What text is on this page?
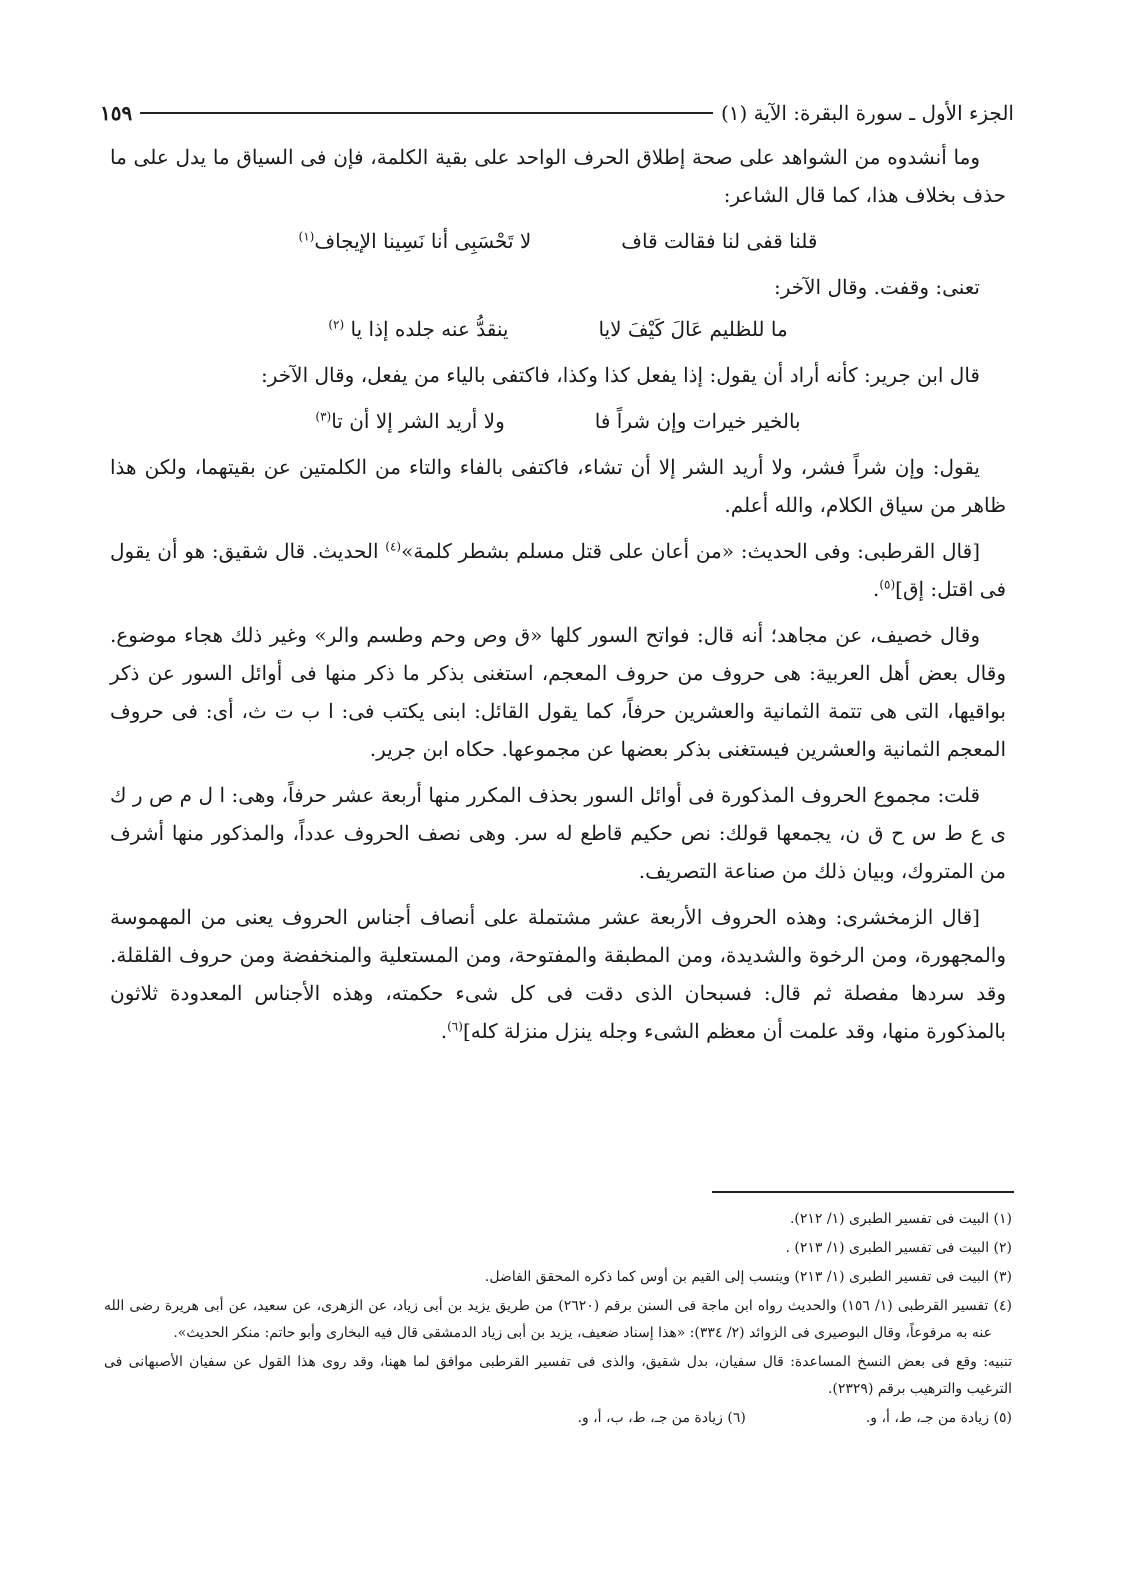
الجزء الأول ـ سورة البقرة: الآية (١)
١٥٩

وما أنشدوه من الشواهد على صحة إطلاق الحرف الواحد على بقية الكلمة، فإن فى السياق ما يدل على ما حذف بخلاف هذا، كما قال الشاعر:

قلنا قفى لنا فقالت قاف
لا تَحْسَبِى أنا نَسِينا الإيجاف$^{(١)}$

تعنى: وقفت. وقال الآخر:

ما للظليم عَالَ كَيْفَ لايا
ينقدُّ عنه جلده إذا يا $^{(٢)}$

قال ابن جرير: كأنه أراد أن يقول: إذا يفعل كذا وكذا، فاكتفى بالياء من يفعل، وقال الآخر:

بالخير خيرات وإن شراً فا
ولا أريد الشر إلا أن تا$^{(٣)}$

يقول: وإن شراً فشر، ولا أريد الشر إلا أن تشاء، فاكتفى بالفاء والتاء من الكلمتين عن بقيتهما، ولكن هذا ظاهر من سياق الكلام، والله أعلم.

[قال القرطبى: وفى الحديث: «من أعان على قتل مسلم بشطر كلمة»$^{(٤)}$ الحديث. قال شقيق: هو أن يقول فى اقتل: إق]$^{(٥)}$.

وقال خصيف، عن مجاهد؛ أنه قال: فواتح السور كلها «ق وص وحم وطسم والر» وغير ذلك هجاء موضوع. وقال بعض أهل العربية: هى حروف من حروف المعجم، استغنى بذكر ما ذكر منها فى أوائل السور عن ذكر بواقيها، التى هى تتمة الثمانية والعشرين حرفاً، كما يقول القائل: ابنى يكتب فى: ا ب ت ث، أى: فى حروف المعجم الثمانية والعشرين فيستغنى بذكر بعضها عن مجموعها. حكاه ابن جرير.

قلت: مجموع الحروف المذكورة فى أوائل السور بحذف المكرر منها أربعة عشر حرفاً، وهى: ا ل م ص ر ك ى ع ط س ح ق ن، يجمعها قولك: نص حكيم قاطع له سر. وهى نصف الحروف عدداً، والمذكور منها أشرف من المتروك، وبيان ذلك من صناعة التصريف.

[قال الزمخشرى: وهذه الحروف الأربعة عشر مشتملة على أنصاف أجناس الحروف يعنى من المهموسة والمجهورة، ومن الرخوة والشديدة، ومن المطبقة والمفتوحة، ومن المستعلية والمنخفضة ومن حروف القلقلة. وقد سردها مفصلة ثم قال: فسبحان الذى دقت فى كل شىء حكمته، وهذه الأجناس المعدودة ثلاثون بالمذكورة منها، وقد علمت أن معظم الشىء وجله ينزل منزلة كله]$^{(٦)}$.

(١) البيت فى تفسير الطبرى (١/ ٢١٢).

(٢) البيت فى تفسير الطبرى (١/ ٢١٣) .

(٣) البيت فى تفسير الطبرى (١/ ٢١٣) وينسب إلى القيم بن أوس كما ذكره المحقق الفاضل.

(٤) تفسير القرطبى (١/ ١٥٦) والحديث رواه ابن ماجة فى السنن برقم (٢٦٢٠) من طريق يزيد بن أبى زياد، عن الزهرى، عن سعيد، عن أبى هريرة رضى الله عنه به مرفوعاً، وقال البوصيرى فى الزوائد (٢/ ٣٣٤): «هذا إسناد ضعيف، يزيد بن أبى زياد الدمشقى قال فيه البخارى وأبو حاتم: منكر الحديث».

تنبيه: وقع فى بعض النسخ المساعدة: قال سفيان، بدل شقيق، والذى فى تفسير القرطبى موافق لما ههنا، وقد روى هذا القول عن سفيان الأصبهانى فى الترغيب والترهيب برقم (٢٣٢٩).

(٥) زيادة من جـ، ط، أ، و.
(٦) زيادة من جـ، ط، ب، أ، و.
